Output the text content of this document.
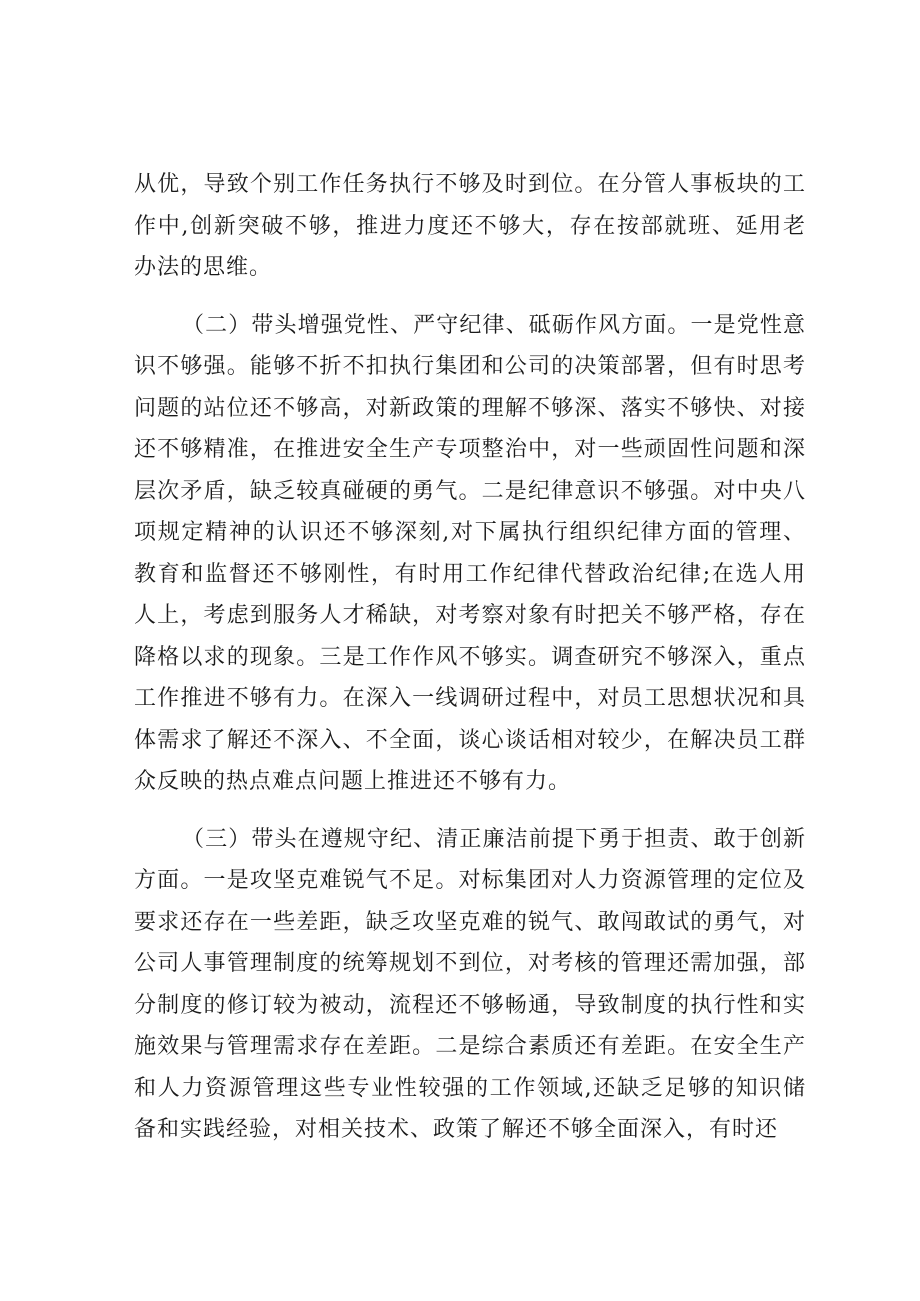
从优，导致个别工作任务执行不够及时到位。在分管人事板块的工作中,创新突破不够，推进力度还不够大，存在按部就班、延用老办法的思维。

（二）带头增强党性、严守纪律、砥砺作风方面。一是党性意识不够强。能够不折不扣执行集团和公司的决策部署，但有时思考问题的站位还不够高，对新政策的理解不够深、落实不够快、对接还不够精准，在推进安全生产专项整治中，对一些顽固性问题和深层次矛盾，缺乏较真碰硬的勇气。二是纪律意识不够强。对中央八项规定精神的认识还不够深刻,对下属执行组织纪律方面的管理、教育和监督还不够刚性，有时用工作纪律代替政治纪律;在选人用人上，考虑到服务人才稀缺，对考察对象有时把关不够严格，存在降格以求的现象。三是工作作风不够实。调查研究不够深入，重点工作推进不够有力。在深入一线调研过程中，对员工思想状况和具体需求了解还不深入、不全面，谈心谈话相对较少，在解决员工群众反映的热点难点问题上推进还不够有力。

（三）带头在遵规守纪、清正廉洁前提下勇于担责、敢于创新方面。一是攻坚克难锐气不足。对标集团对人力资源管理的定位及要求还存在一些差距，缺乏攻坚克难的锐气、敢闯敢试的勇气，对公司人事管理制度的统筹规划不到位，对考核的管理还需加强，部分制度的修订较为被动，流程还不够畅通，导致制度的执行性和实施效果与管理需求存在差距。二是综合素质还有差距。在安全生产和人力资源管理这些专业性较强的工作领域,还缺乏足够的知识储备和实践经验，对相关技术、政策了解还不够全面深入，有时还
